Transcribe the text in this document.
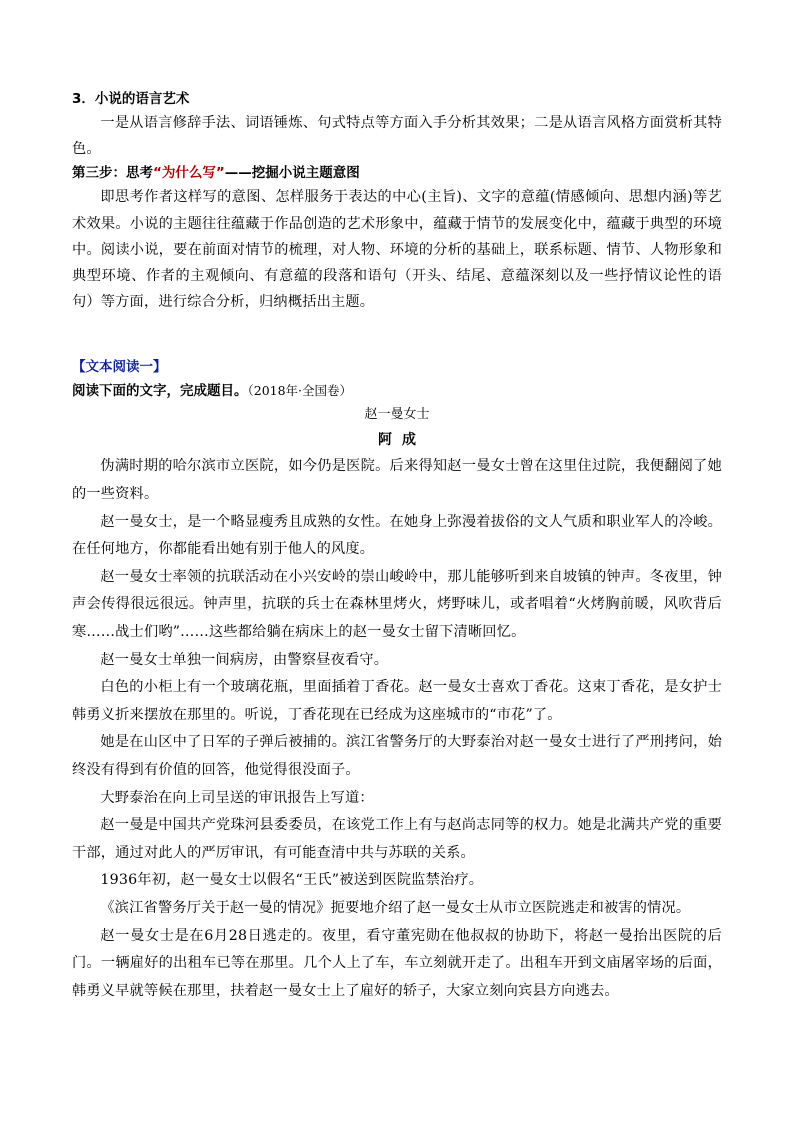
3．小说的语言艺术

一是从语言修辞手法、词语锤炼、句式特点等方面入手分析其效果；二是从语言风格方面赏析其特色。

第三步：思考“为什么写”——挖掘小说主题意图

即思考作者这样写的意图、怎样服务于表达的中心(主旨)、文字的意蕴(情感倾向、思想内涵)等艺术效果。小说的主题往往蕴藏于作品创造的艺术形象中，蕴藏于情节的发展变化中，蕴藏于典型的环境中。阅读小说，要在前面对情节的梳理，对人物、环境的分析的基础上，联系标题、情节、人物形象和典型环境、作者的主观倾向、有意蕴的段落和语句（开头、结尾、意蕴深刻以及一些抒情议论性的语句）等方面，进行综合分析，归纳概括出主题。

【文本阅读一】

阅读下面的文字，完成题目。（2018年·全国卷）

赵一曼女士

阿成

伪满时期的哈尔滨市立医院，如今仍是医院。后来得知赵一曼女士曾在这里住过院，我便翻阅了她的一些资料。

赵一曼女士，是一个略显瘦秀且成熟的女性。在她身上弥漫着拔俗的文人气质和职业军人的冷峻。在任何地方，你都能看出她有别于他人的风度。

赵一曼女士率领的抗联活动在小兴安岭的崇山峻岭中，那儿能够听到来自坡镇的钟声。冬夜里，钟声会传得很远很远。钟声里，抗联的兵士在森林里烤火，烤野味儿，或者唱着“火烤胸前暖，风吹背后寒……战士们哟”……这些都给躺在病床上的赵一曼女士留下清晰回忆。

赵一曼女士单独一间病房，由警察昼夜看守。

白色的小柜上有一个玻璃花瓶，里面插着丁香花。赵一曼女士喜欢丁香花。这束丁香花，是女护士韩勇义折来摆放在那里的。听说，丁香花现在已经成为这座城市的“市花”了。

她是在山区中了日军的子弹后被捕的。滨江省警务厅的大野泰治对赵一曼女士进行了严刑拷问，始终没有得到有价值的回答，他觉得很没面子。

大野泰治在向上司呈送的审讯报告上写道：

赵一曼是中国共产党珠河县委委员，在该党工作上有与赵尚志同等的权力。她是北满共产党的重要干部，通过对此人的严厉审讯，有可能查清中共与苏联的关系。

1936年初，赵一曼女士以假名“王氏”被送到医院监禁治疗。

《滨江省警务厅关于赵一曼的情况》扼要地介绍了赵一曼女士从市立医院逃走和被害的情况。

赵一曼女士是在6月28日逃走的。夜里，看守董宪勋在他叔叔的协助下，将赵一曼抬出医院的后门。一辆雇好的出租车已等在那里。几个人上了车，车立刻就开走了。出租车开到文庙屠宰场的后面，韩勇义早就等候在那里，扶着赵一曼女士上了雇好的轿子，大家立刻向宾县方向逃去。
